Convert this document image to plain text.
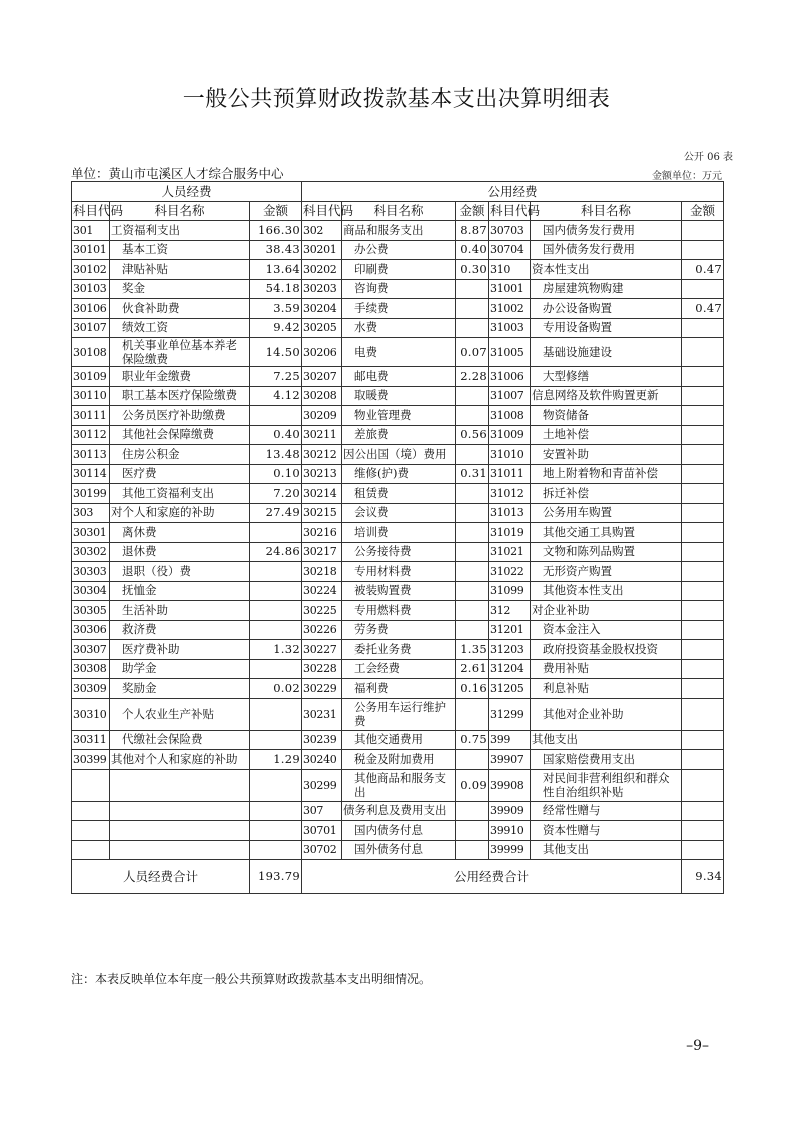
一般公共预算财政拨款基本支出决算明细表
公开 06 表
单位：黄山市屯溪区人才综合服务中心	金额单位：万元
人员经费			公用经费					
科目代码	科目名称	金额	科目代码	科目名称	金额	科目代码	科目名称	金额
301	工资福利支出	166.30	302	商品和服务支出	8.87	30703	国内债务发行费用	
30101	基本工资	38.43	30201	办公费	0.40	30704	国外债务发行费用	
30102	津贴补贴	13.64	30202	印刷费	0.30	310	资本性支出	0.47
30103	奖金	54.18	30203	咨询费		31001	房屋建筑物购建	
30106	伙食补助费	3.59	30204	手续费		31002	办公设备购置	0.47
30107	绩效工资	9.42	30205	水费		31003	专用设备购置	
30108	机关事业单位基本养老保险缴费	14.50	30206	电费	0.07	31005	基础设施建设	
30109	职业年金缴费	7.25	30207	邮电费	2.28	31006	大型修缮	
30110	职工基本医疗保险缴费	4.12	30208	取暖费		31007	信息网络及软件购置更新	
30111	公务员医疗补助缴费		30209	物业管理费		31008	物资储备	
30112	其他社会保障缴费	0.40	30211	差旅费	0.56	31009	土地补偿	
30113	住房公积金	13.48	30212	因公出国（境）费用		31010	安置补助	
30114	医疗费	0.10	30213	维修(护)费	0.31	31011	地上附着物和青苗补偿	
30199	其他工资福利支出	7.20	30214	租赁费		31012	拆迁补偿	
303	对个人和家庭的补助	27.49	30215	会议费		31013	公务用车购置	
30301	离休费		30216	培训费		31019	其他交通工具购置	
30302	退休费	24.86	30217	公务接待费		31021	文物和陈列品购置	
30303	退职（役）费		30218	专用材料费		31022	无形资产购置	
30304	抚恤金		30224	被装购置费		31099	其他资本性支出	
30305	生活补助		30225	专用燃料费		312	对企业补助	
30306	救济费		30226	劳务费		31201	资本金注入	
30307	医疗费补助	1.32	30227	委托业务费	1.35	31203	政府投资基金股权投资	
30308	助学金		30228	工会经费	2.61	31204	费用补贴	
30309	奖励金	0.02	30229	福利费	0.16	31205	利息补贴	
30310	个人农业生产补贴		30231	公务用车运行维护费		31299	其他对企业补助	
30311	代缴社会保险费		30239	其他交通费用	0.75	399	其他支出	
30399	其他对个人和家庭的补助	1.29	30240	税金及附加费用		39907	国家赔偿费用支出	
			30299	其他商品和服务支出	0.09	39908	对民间非营利组织和群众性自治组织补贴	
			307	债务利息及费用支出		39909	经常性赠与	
			30701	国内债务付息		39910	资本性赠与	
			30702	国外债务付息		39999	其他支出	
人员经费合计		193.79	公用经费合计					9.34
注：本表反映单位本年度一般公共预算财政拨款基本支出明细情况。
–9–
